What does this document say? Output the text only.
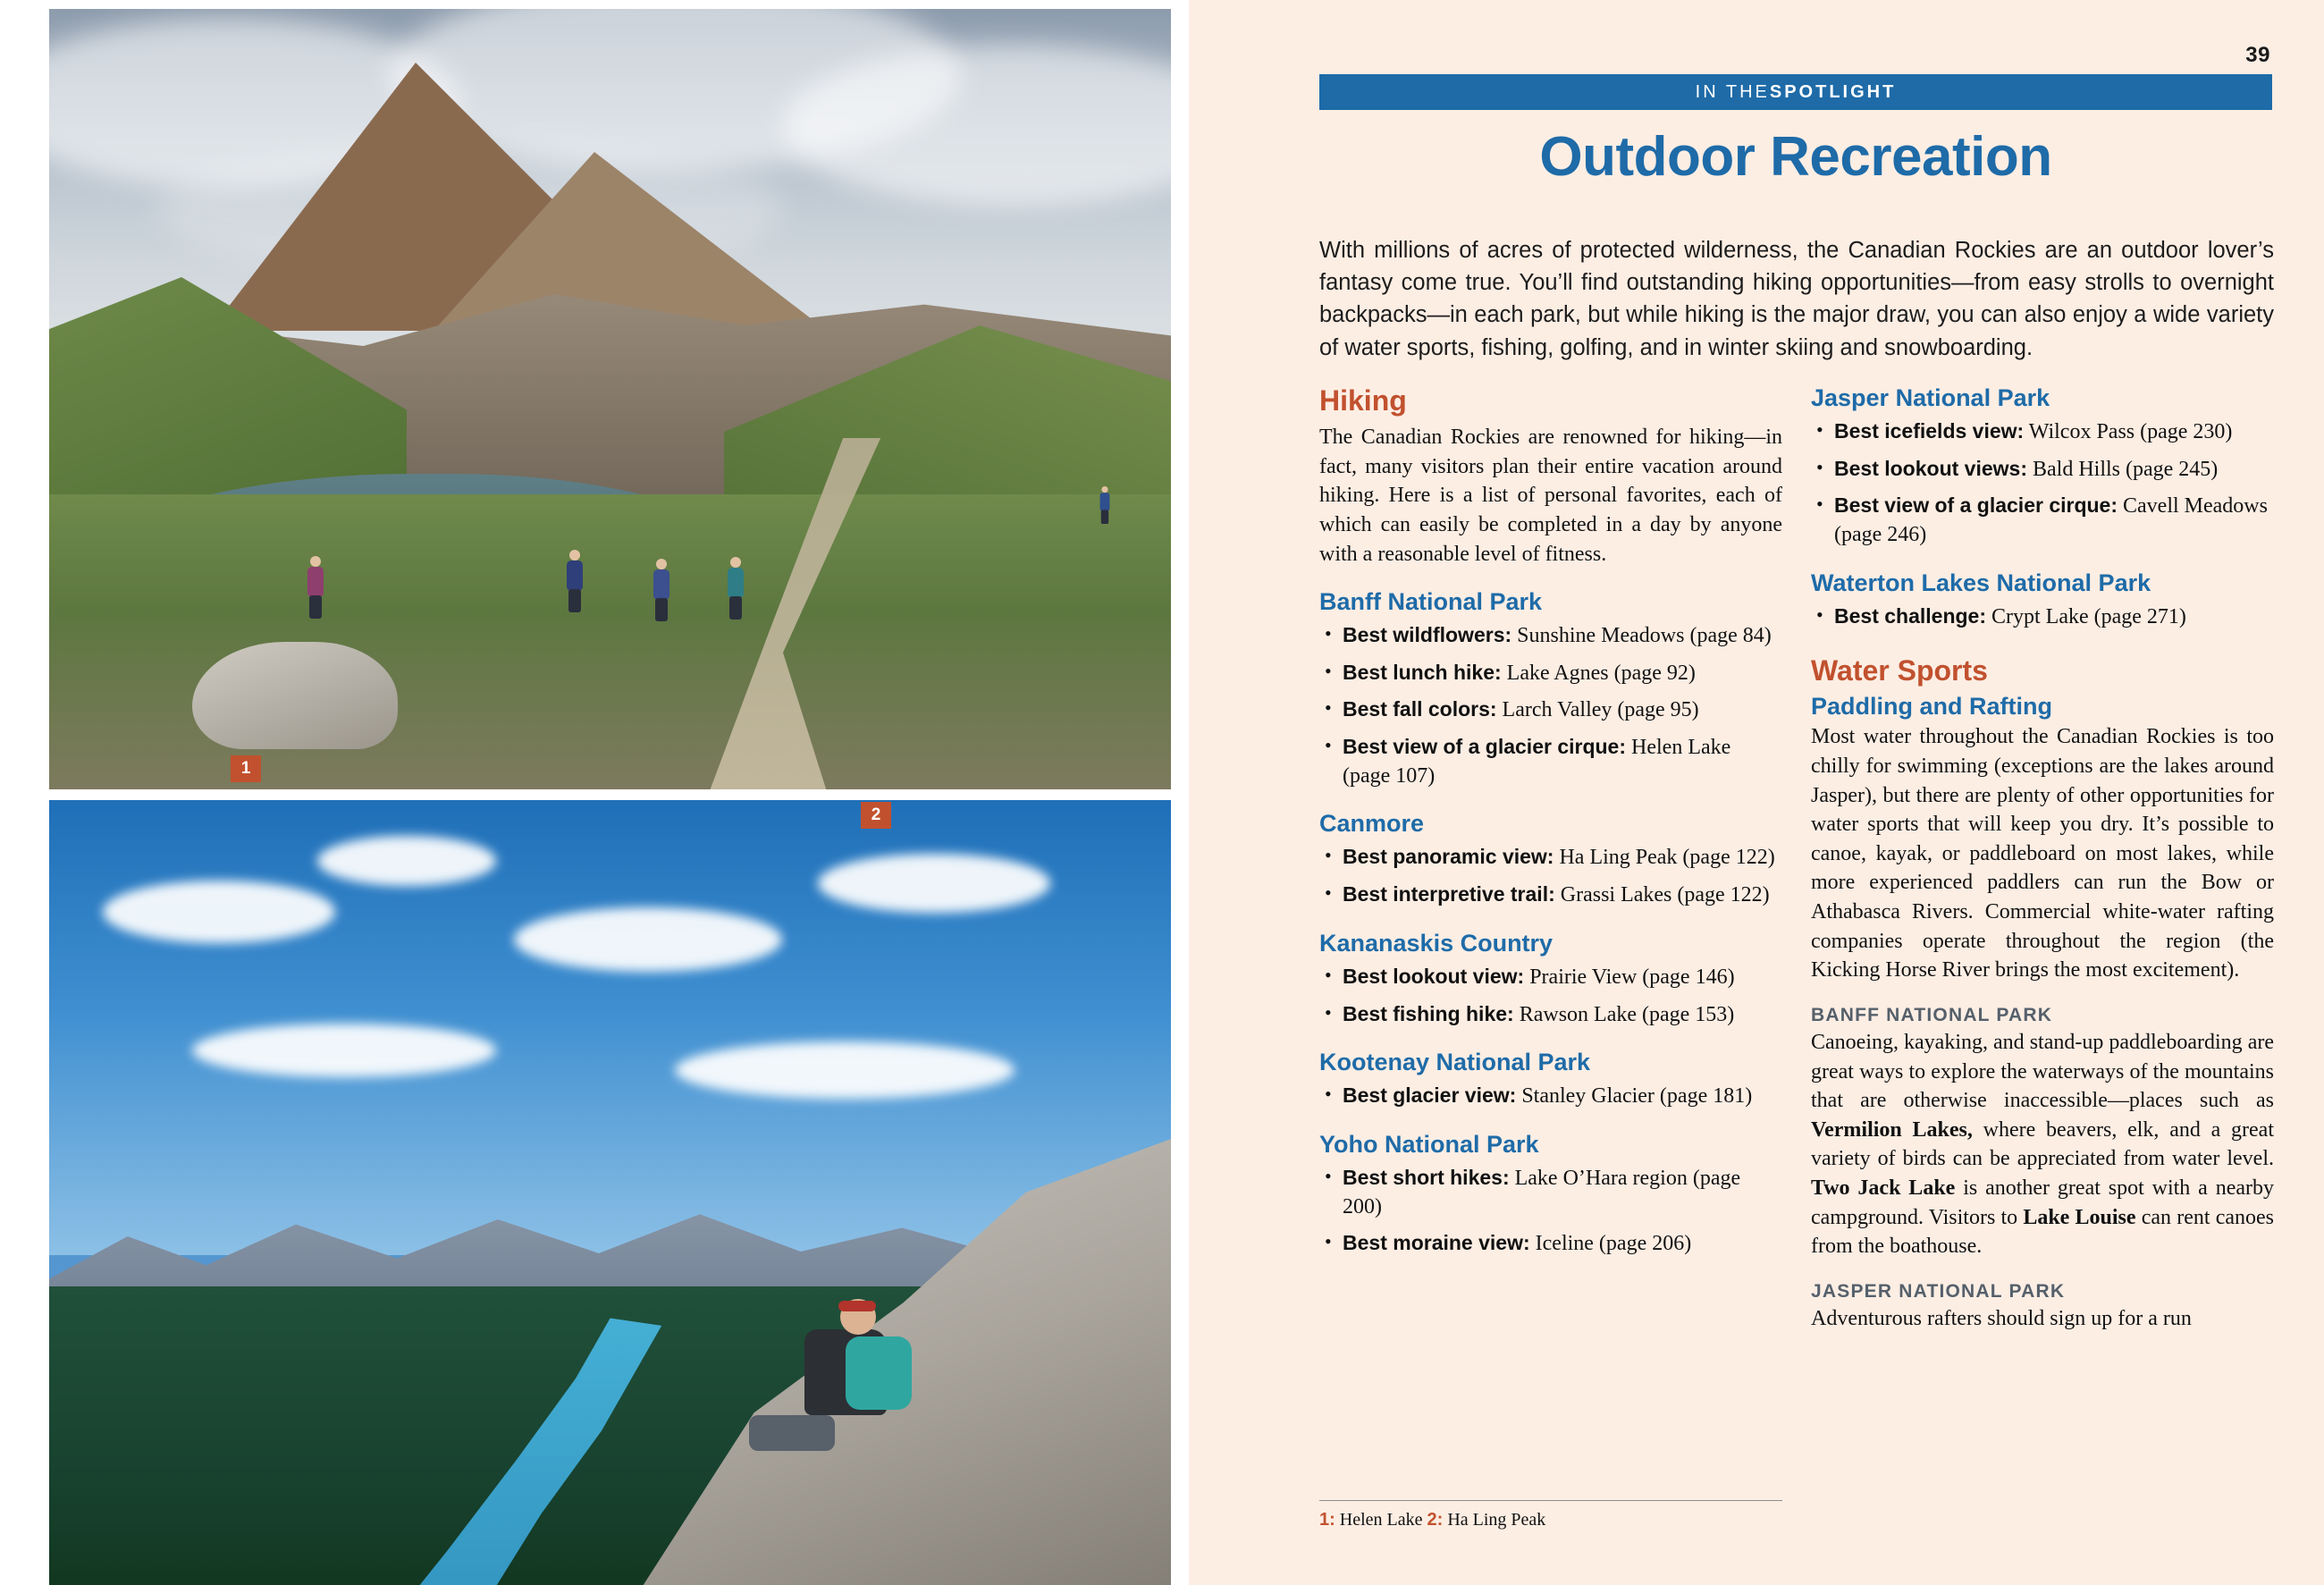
1
2
39
IN THE SPOTLIGHT
Outdoor Recreation
With millions of acres of protected wilderness, the Canadian Rockies are an outdoor lover’s fantasy come true. You’ll find outstanding hiking opportunities—from easy strolls to overnight backpacks—in each park, but while hiking is the major draw, you can also enjoy a wide variety of water sports, fishing, golfing, and in winter skiing and snowboarding.
Hiking

The Canadian Rockies are renowned for hiking—in fact, many visitors plan their entire vacation around hiking. Here is a list of personal favorites, each of which can easily be completed in a day by anyone with a reasonable level of fitness.

Banff National Park
• Best wildflowers: Sunshine Meadows (page 84)
• Best lunch hike: Lake Agnes (page 92)
• Best fall colors: Larch Valley (page 95)
• Best view of a glacier cirque: Helen Lake (page 107)
Canmore
• Best panoramic view: Ha Ling Peak (page 122)
• Best interpretive trail: Grassi Lakes (page 122)
Kananaskis Country
• Best lookout view: Prairie View (page 146)
• Best fishing hike: Rawson Lake (page 153)
Kootenay National Park
• Best glacier view: Stanley Glacier (page 181)
Yoho National Park
• Best short hikes: Lake O’Hara region (page 200)
• Best moraine view: Iceline (page 206)
1: Helen Lake 2: Ha Ling Peak
Jasper National Park
• Best icefields view: Wilcox Pass (page 230)
• Best lookout views: Bald Hills (page 245)
• Best view of a glacier cirque: Cavell Meadows (page 246)
Waterton Lakes National Park
• Best challenge: Crypt Lake (page 271)
Water Sports
Paddling and Rafting

Most water throughout the Canadian Rockies is too chilly for swimming (exceptions are the lakes around Jasper), but there are plenty of other opportunities for water sports that will keep you dry. It’s possible to canoe, kayak, or paddleboard on most lakes, while more experienced paddlers can run the Bow or Athabasca Rivers. Commercial white-water rafting companies operate throughout the region (the Kicking Horse River brings the most excitement).

BANFF NATIONAL PARK

Canoeing, kayaking, and stand-up paddleboarding are great ways to explore the waterways of the mountains that are otherwise inaccessible—places such as Vermilion Lakes, where beavers, elk, and a great variety of birds can be appreciated from water level. Two Jack Lake is another great spot with a nearby campground. Visitors to Lake Louise can rent canoes from the boathouse.

JASPER NATIONAL PARK

Adventurous rafters should sign up for a run
